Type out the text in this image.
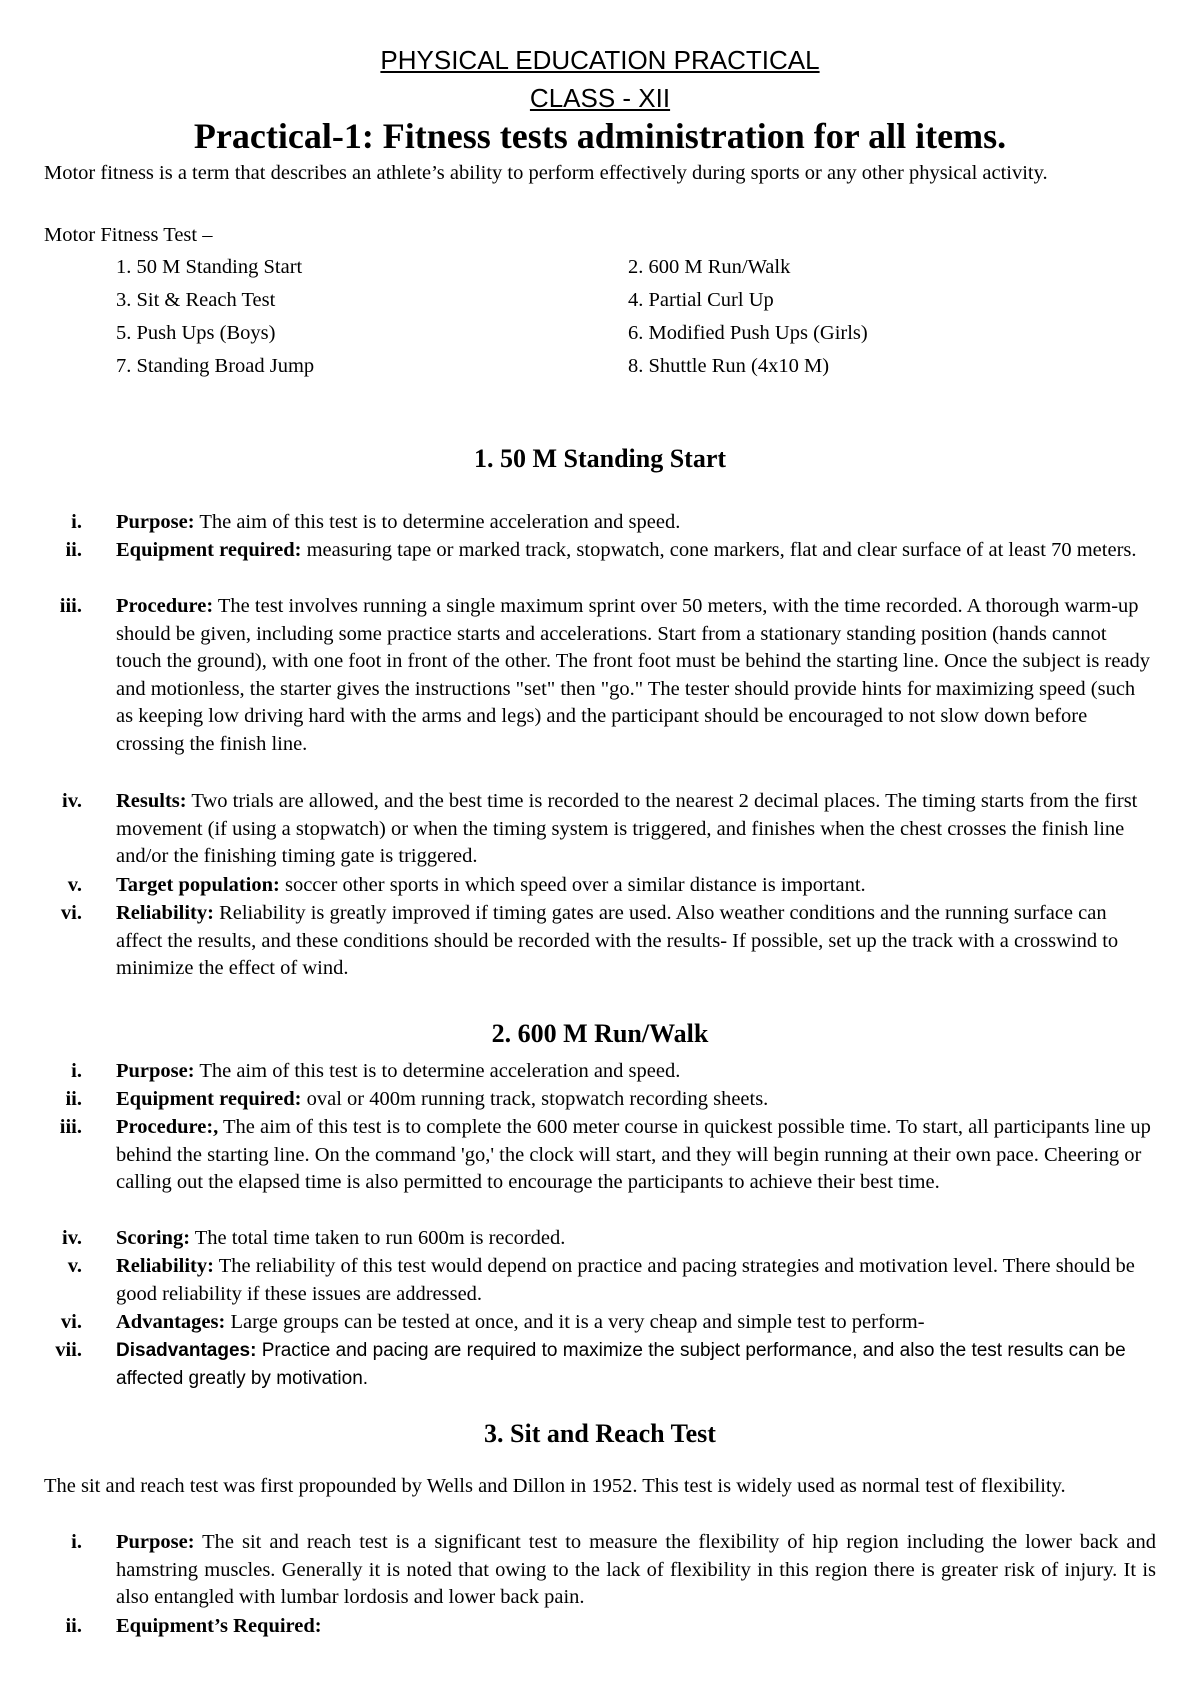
PHYSICAL EDUCATION PRACTICAL
CLASS - XII
Practical-1: Fitness tests administration for all items.
Motor fitness is a term that describes an athlete’s ability to perform effectively during sports or any other physical activity.
Motor Fitness Test –
1. 50 M Standing Start	2. 600 M Run/Walk
3. Sit & Reach Test	4. Partial Curl Up
5. Push Ups (Boys)	6. Modified Push Ups (Girls)
7. Standing Broad Jump	8. Shuttle Run (4x10 M)
1. 50 M Standing Start
i. Purpose: The aim of this test is to determine acceleration and speed.
ii. Equipment required: measuring tape or marked track, stopwatch, cone markers, flat and clear surface of at least 70 meters.
iii. Procedure: The test involves running a single maximum sprint over 50 meters, with the time recorded. A thorough warm-up should be given, including some practice starts and accelerations. Start from a stationary standing position (hands cannot touch the ground), with one foot in front of the other. The front foot must be behind the starting line. Once the subject is ready and motionless, the starter gives the instructions "set" then "go." The tester should provide hints for maximizing speed (such as keeping low driving hard with the arms and legs) and the participant should be encouraged to not slow down before crossing the finish line.
iv. Results: Two trials are allowed, and the best time is recorded to the nearest 2 decimal places. The timing starts from the first movement (if using a stopwatch) or when the timing system is triggered, and finishes when the chest crosses the finish line and/or the finishing timing gate is triggered.
v. Target population: soccer other sports in which speed over a similar distance is important.
vi. Reliability: Reliability is greatly improved if timing gates are used. Also weather conditions and the running surface can affect the results, and these conditions should be recorded with the results- If possible, set up the track with a crosswind to minimize the effect of wind.
2. 600 M Run/Walk
i. Purpose: The aim of this test is to determine acceleration and speed.
ii. Equipment required: oval or 400m running track, stopwatch recording sheets.
iii. Procedure:, The aim of this test is to complete the 600 meter course in quickest possible time. To start, all participants line up behind the starting line. On the command 'go,' the clock will start, and they will begin running at their own pace. Cheering or calling out the elapsed time is also permitted to encourage the participants to achieve their best time.
iv. Scoring: The total time taken to run 600m is recorded.
v. Reliability: The reliability of this test would depend on practice and pacing strategies and motivation level. There should be good reliability if these issues are addressed.
vi. Advantages: Large groups can be tested at once, and it is a very cheap and simple test to perform-
vii. Disadvantages: Practice and pacing are required to maximize the subject performance, and also the test results can be affected greatly by motivation.
3. Sit and Reach Test
The sit and reach test was first propounded by Wells and Dillon in 1952. This test is widely used as normal test of flexibility.
i. Purpose: The sit and reach test is a significant test to measure the flexibility of hip region including the lower back and hamstring muscles. Generally it is noted that owing to the lack of flexibility in this region there is greater risk of injury. It is also entangled with lumbar lordosis and lower back pain.
ii. Equipment’s Required:
